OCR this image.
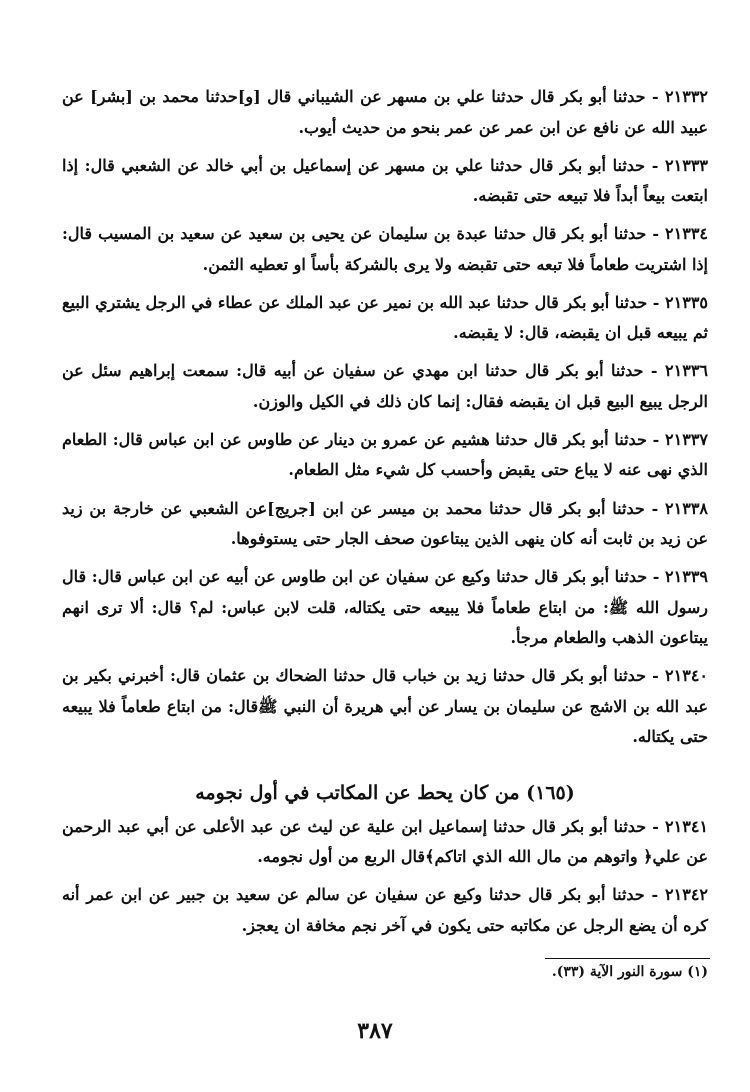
٢١٣٣٢ - حدثنا أبو بكر قال حدثنا علي بن مسهر عن الشيباني قال [و]حدثنا محمد بن [بشر] عن عبيد الله عن نافع عن ابن عمر عن عمر بنحو من حديث أيوب.

٢١٣٣٣ - حدثنا أبو بكر قال حدثنا علي بن مسهر عن إسماعيل بن أبي خالد عن الشعبي قال: إذا ابتعت بيعاً أبداً فلا تبيعه حتى تقبضه.

٢١٣٣٤ - حدثنا أبو بكر قال حدثنا عبدة بن سليمان عن يحيى بن سعيد عن سعيد بن المسيب قال: إذا اشتريت طعاماً فلا تبعه حتى تقبضه ولا يرى بالشركة بأساً او تعطيه الثمن.

٢١٣٣٥ - حدثنا أبو بكر قال حدثنا عبد الله بن نمير عن عبد الملك عن عطاء في الرجل يشتري البيع ثم يبيعه قبل ان يقبضه، قال: لا يقبضه.

٢١٣٣٦ - حدثنا أبو بكر قال حدثنا ابن مهدي عن سفيان عن أبيه قال: سمعت إبراهيم سئل عن الرجل يبيع البيع قبل ان يقبضه فقال: إنما كان ذلك في الكيل والوزن.

٢١٣٣٧ - حدثنا أبو بكر قال حدثنا هشيم عن عمرو بن دينار عن طاوس عن ابن عباس قال: الطعام الذي نهى عنه لا يباع حتى يقبض وأحسب كل شيء مثل الطعام.

٢١٣٣٨ - حدثنا أبو بكر قال حدثنا محمد بن ميسر عن ابن [جريج]عن الشعبي عن خارجة بن زيد عن زيد بن ثابت أنه كان ينهى الذين يبتاعون صحف الجار حتى يستوفوها.

٢١٣٣٩ - حدثنا أبو بكر قال حدثنا وكيع عن سفيان عن ابن طاوس عن أبيه عن ابن عباس قال: قال رسول الله ﷺ: من ابتاع طعاماً فلا يبيعه حتى يكتاله، قلت لابن عباس: لم؟ قال: ألا ترى انهم يبتاعون الذهب والطعام مرجأ.

٢١٣٤٠ - حدثنا أبو بكر قال حدثنا زيد بن خباب قال حدثنا الضحاك بن عثمان قال: أخبرني بكير بن عبد الله بن الاشج عن سليمان بن يسار عن أبي هريرة أن النبي ﷺقال: من ابتاع طعاماً فلا يبيعه حتى يكتاله.

(١٦٥) من كان يحط عن المكاتب في أول نجومه

٢١٣٤١ - حدثنا أبو بكر قال حدثنا إسماعيل ابن علية عن ليث عن عبد الأعلى عن أبي عبد الرحمن عن علي﴿ واتوهم من مال الله الذي اتاكم﴾قال الربع من أول نجومه.

٢١٣٤٢ - حدثنا أبو بكر قال حدثنا وكيع عن سفيان عن سالم عن سعيد بن جبير عن ابن عمر أنه كره أن يضع الرجل عن مكاتبه حتى يكون في آخر نجم مخافة ان يعجز.

(١) سورة النور الآية (٣٣).
٣٨٧
